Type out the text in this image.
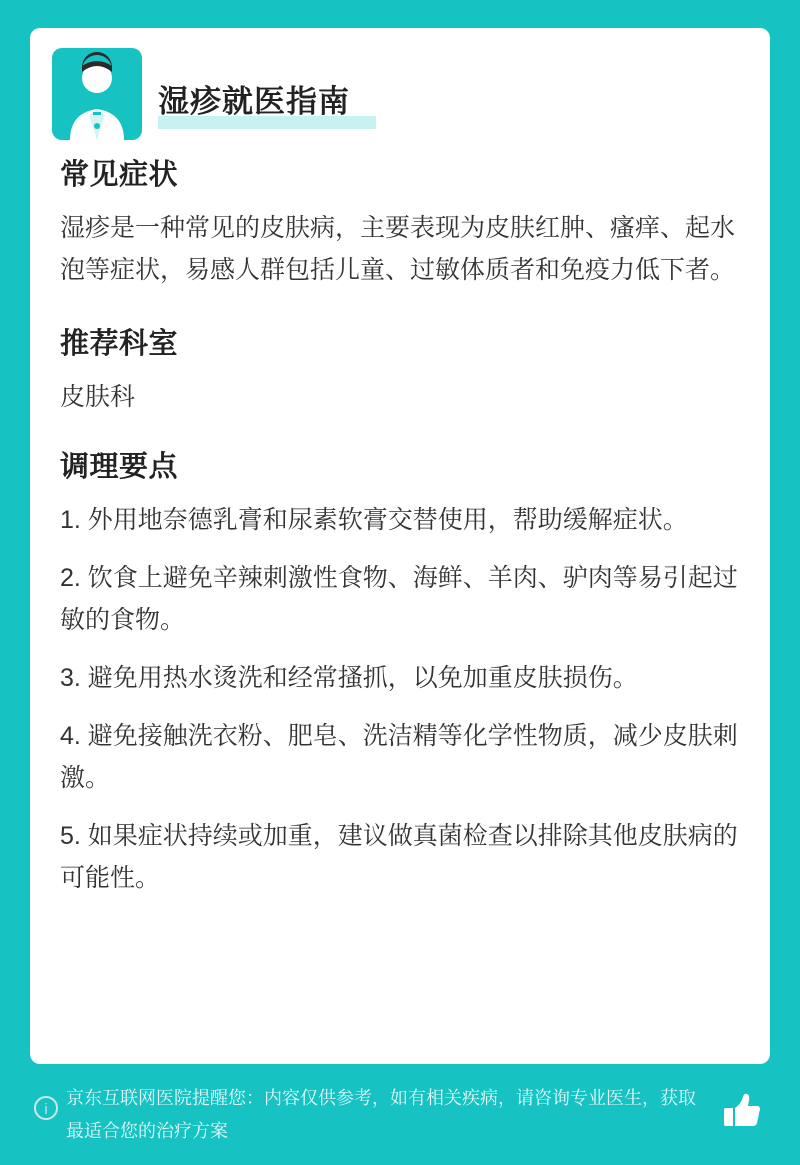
湿疹就医指南
常见症状

湿疹是一种常见的皮肤病，主要表现为皮肤红肿、瘙痒、起水泡等症状，易感人群包括儿童、过敏体质者和免疫力低下者。

推荐科室

皮肤科

调理要点
1. 外用地奈德乳膏和尿素软膏交替使用，帮助缓解症状。
2. 饮食上避免辛辣刺激性食物、海鲜、羊肉、驴肉等易引起过敏的食物。
3. 避免用热水烫洗和经常搔抓，以免加重皮肤损伤。
4. 避免接触洗衣粉、肥皂、洗洁精等化学性物质，减少皮肤刺激。
5. 如果症状持续或加重，建议做真菌检查以排除其他皮肤病的可能性。
i
京东互联网医院提醒您：内容仅供参考，如有相关疾病，请咨询专业医生，获取最适合您的治疗方案
